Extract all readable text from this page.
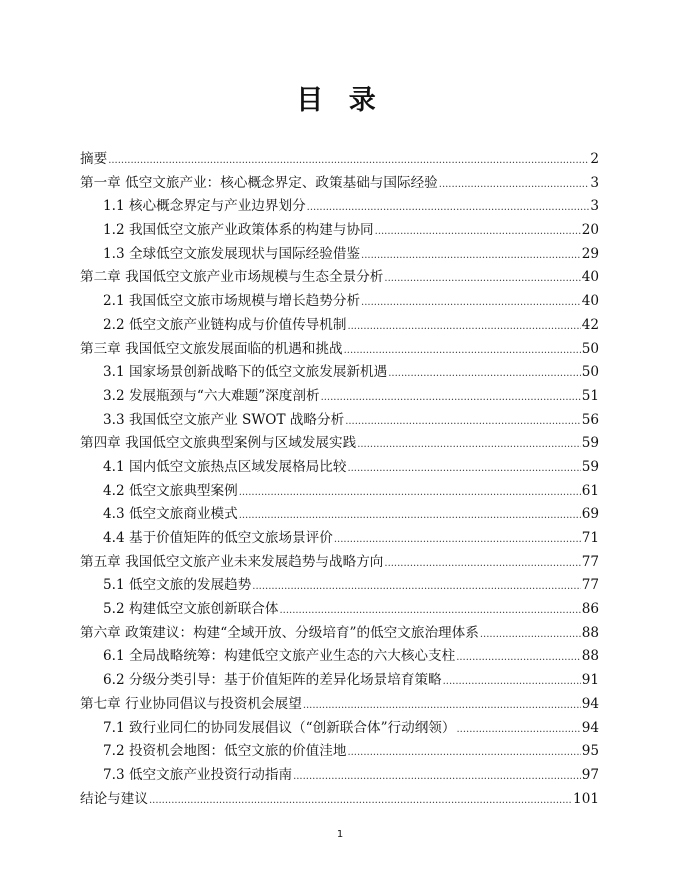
目 录
摘要 .....	2
第一章 低空文旅产业：核心概念界定、政策基础与国际经验 .....	3
1.1 核心概念界定与产业边界划分 .....	3
1.2 我国低空文旅产业政策体系的构建与协同 .....	20
1.3 全球低空文旅发展现状与国际经验借鉴 .....	29
第二章 我国低空文旅产业市场规模与生态全景分析 .....	40
2.1 我国低空文旅市场规模与增长趋势分析 .....	40
2.2 低空文旅产业链构成与价值传导机制 .....	42
第三章 我国低空文旅发展面临的机遇和挑战 .....	50
3.1 国家场景创新战略下的低空文旅发展新机遇 .....	50
3.2 发展瓶颈与“六大难题”深度剖析 .....	51
3.3 我国低空文旅产业 SWOT 战略分析 .....	56
第四章 我国低空文旅典型案例与区域发展实践 .....	59
4.1 国内低空文旅热点区域发展格局比较 .....	59
4.2 低空文旅典型案例 .....	61
4.3 低空文旅商业模式 .....	69
4.4 基于价值矩阵的低空文旅场景评价 .....	71
第五章 我国低空文旅产业未来发展趋势与战略方向 .....	77
5.1 低空文旅的发展趋势 .....	77
5.2 构建低空文旅创新联合体 .....	86
第六章 政策建议：构建“全域开放、分级培育”的低空文旅治理体系 .....	88
6.1 全局战略统筹：构建低空文旅产业生态的六大核心支柱 .....	88
6.2 分级分类引导：基于价值矩阵的差异化场景培育策略 .....	91
第七章 行业协同倡议与投资机会展望 .....	94
7.1 致行业同仁的协同发展倡议（“创新联合体”行动纲领） .....	94
7.2 投资机会地图：低空文旅的价值洼地 .....	95
7.3 低空文旅产业投资行动指南 .....	97
结论与建议 .....	101
1
